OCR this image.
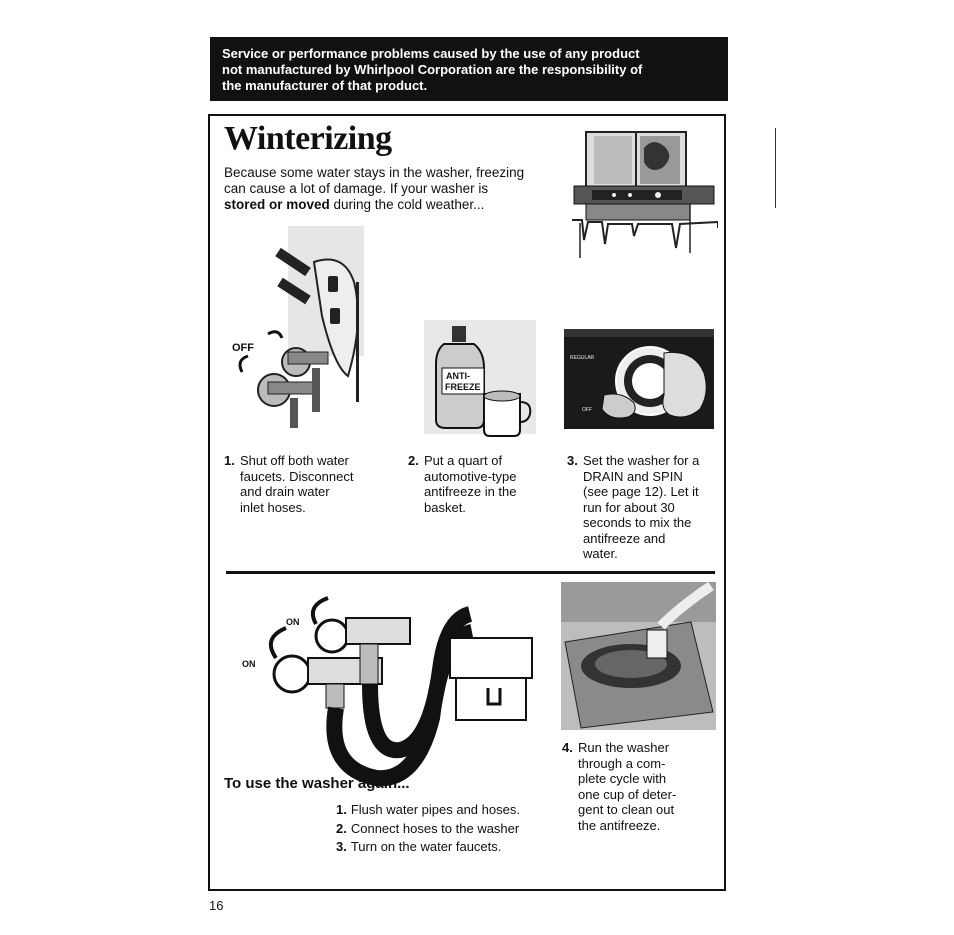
Service or performance problems caused by the use of any product
not manufactured by Whirlpool Corporation are the responsibility of
the manufacturer of that product.
Winterizing
Because some water stays in the washer, freezing
can cause a lot of damage. If your washer is
stored or moved during the cold weather...
OFF
ANTI-
FREEZE
REGULAR
OFF
ON
ON
1. Shut off both water
faucets. Disconnect
and drain water
inlet hoses.
2. Put a quart of
automotive-type
antifreeze in the
basket.
3. Set the washer for a
DRAIN and SPIN
(see page 12). Let it
run for about 30
seconds to mix the
antifreeze and
water.
4. Run the washer
through a com-
plete cycle with
one cup of deter-
gent to clean out
the antifreeze.
To use the washer again...
1. Flush water pipes and hoses.
2. Connect hoses to the washer
3. Turn on the water faucets.
16
